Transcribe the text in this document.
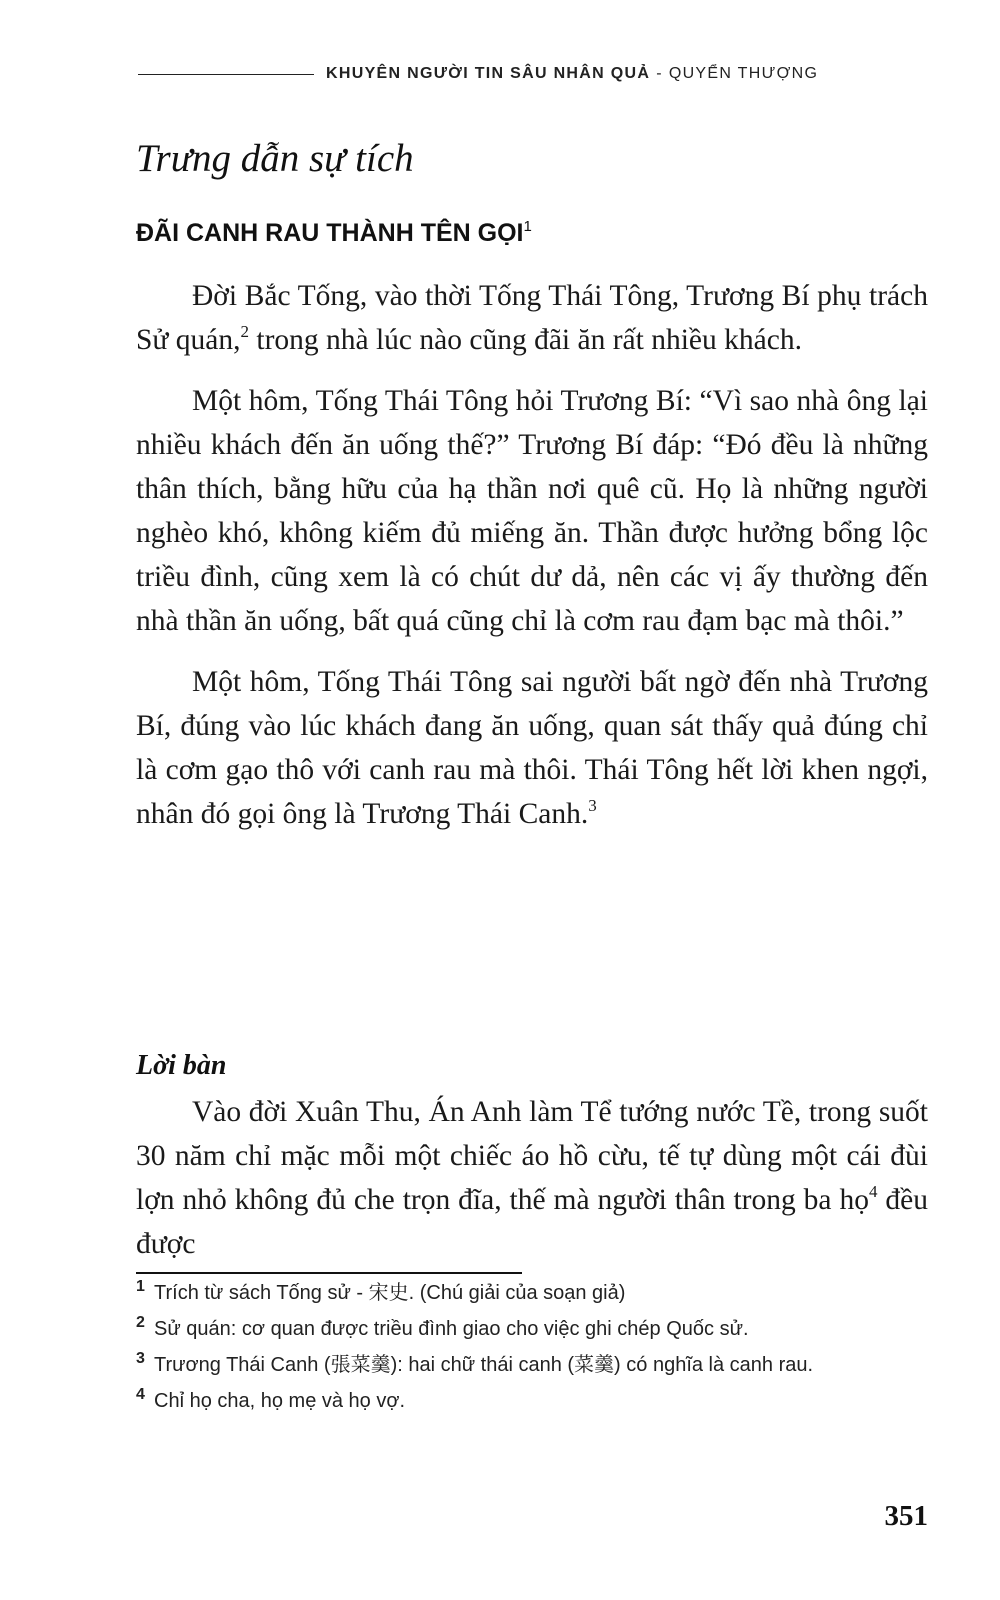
KHUYÊN NGƯỜI TIN SÂU NHÂN QUẢ - QUYỂN THƯỢNG
Trưng dẫn sự tích
ĐÃI CANH RAU THÀNH TÊN GỌI$^1$

Đời Bắc Tống, vào thời Tống Thái Tông, Trương Bí phụ trách Sử quán,$^2$ trong nhà lúc nào cũng đãi ăn rất nhiều khách.

Một hôm, Tống Thái Tông hỏi Trương Bí: “Vì sao nhà ông lại nhiều khách đến ăn uống thế?” Trương Bí đáp: “Đó đều là những thân thích, bằng hữu của hạ thần nơi quê cũ. Họ là những người nghèo khó, không kiếm đủ miếng ăn. Thần được hưởng bổng lộc triều đình, cũng xem là có chút dư dả, nên các vị ấy thường đến nhà thần ăn uống, bất quá cũng chỉ là cơm rau đạm bạc mà thôi.”

Một hôm, Tống Thái Tông sai người bất ngờ đến nhà Trương Bí, đúng vào lúc khách đang ăn uống, quan sát thấy quả đúng chỉ là cơm gạo thô với canh rau mà thôi. Thái Tông hết lời khen ngợi, nhân đó gọi ông là Trương Thái Canh.$^3$

Lời bàn

Vào đời Xuân Thu, Án Anh làm Tể tướng nước Tề, trong suốt 30 năm chỉ mặc mỗi một chiếc áo hồ cừu, tế tự dùng một cái đùi lợn nhỏ không đủ che trọn đĩa, thế mà người thân trong ba họ$^4$ đều được

1 Trích từ sách Tống sử - 宋史. (Chú giải của soạn giả)
2 Sử quán: cơ quan được triều đình giao cho việc ghi chép Quốc sử.
3 Trương Thái Canh (張菜羹): hai chữ thái canh (菜羹) có nghĩa là canh rau.
4 Chỉ họ cha, họ mẹ và họ vợ.
351
